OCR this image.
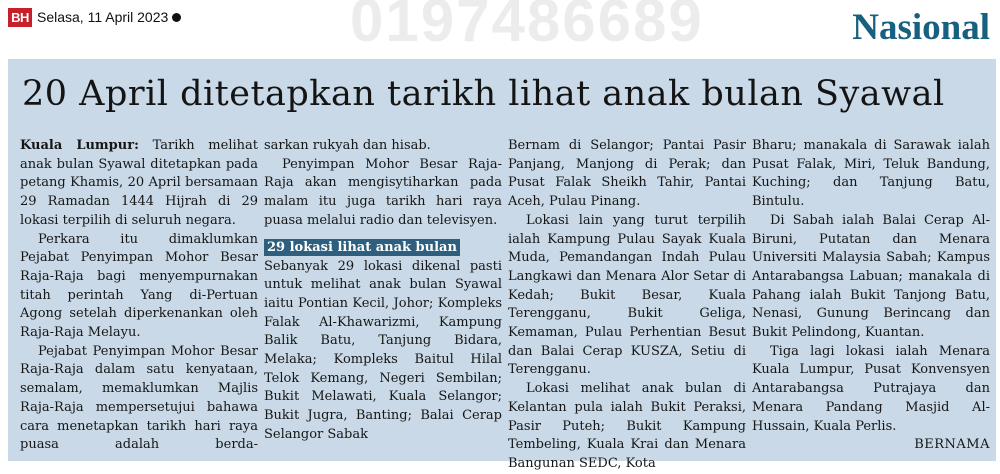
0197486689
BH Selasa, 11 April 2023	Nasional
20 April ditetapkan tarikh lihat anak bulan Syawal

Kuala Lumpur: Tarikh melihat anak bulan Syawal ditetapkan pada petang Khamis, 20 April bersamaan 29 Ramadan 1444 Hijrah di 29 lokasi terpilih di seluruh negara.

Perkara itu dimaklumkan Pejabat Penyimpan Mohor Besar Raja-Raja bagi menyempurnakan titah perintah Yang di-Pertuan Agong setelah diperkenankan oleh Raja-Raja Melayu.

Pejabat Penyimpan Mohor Besar Raja-Raja dalam satu kenyataan, semalam, memaklumkan Majlis Raja-Raja mempersetujui bahawa cara menetapkan tarikh hari raya puasa adalah berda-

sarkan rukyah dan hisab.

Penyimpan Mohor Besar Raja-Raja akan mengisytiharkan pada malam itu juga tarikh hari raya puasa melalui radio dan televisyen.

29 lokasi lihat anak bulan

Sebanyak 29 lokasi dikenal pasti untuk melihat anak bulan Syawal iaitu Pontian Kecil, Johor; Kompleks Falak Al-Khawarizmi, Kampung Balik Batu, Tanjung Bidara, Melaka; Kompleks Baitul Hilal Telok Kemang, Negeri Sembilan; Bukit Melawati, Kuala Selangor; Bukit Jugra, Banting; Balai Cerap Selangor Sabak

Bernam di Selangor; Pantai Pasir Panjang, Manjong di Perak; dan Pusat Falak Sheikh Tahir, Pantai Aceh, Pulau Pinang.

Lokasi lain yang turut terpilih ialah Kampung Pulau Sayak Kuala Muda, Pemandangan Indah Pulau Langkawi dan Menara Alor Setar di Kedah; Bukit Besar, Kuala Terengganu, Bukit Geliga, Kemaman, Pulau Perhentian Besut dan Balai Cerap KUSZA, Setiu di Terengganu.

Lokasi melihat anak bulan di Kelantan pula ialah Bukit Peraksi, Pasir Puteh; Bukit Kampung Tembeling, Kuala Krai dan Menara Bangunan SEDC, Kota

Bharu; manakala di Sarawak ialah Pusat Falak, Miri, Teluk Bandung, Kuching; dan Tanjung Batu, Bintulu.

Di Sabah ialah Balai Cerap Al-Biruni, Putatan dan Menara Universiti Malaysia Sabah; Kampus Antarabangsa Labuan; manakala di Pahang ialah Bukit Tanjong Batu, Nenasi, Gunung Berincang dan Bukit Pelindong, Kuantan.

Tiga lagi lokasi ialah Menara Kuala Lumpur, Pusat Konvensyen Antarabangsa Putrajaya dan Menara Pandang Masjid Al-Hussain, Kuala Perlis.

BERNAMA
